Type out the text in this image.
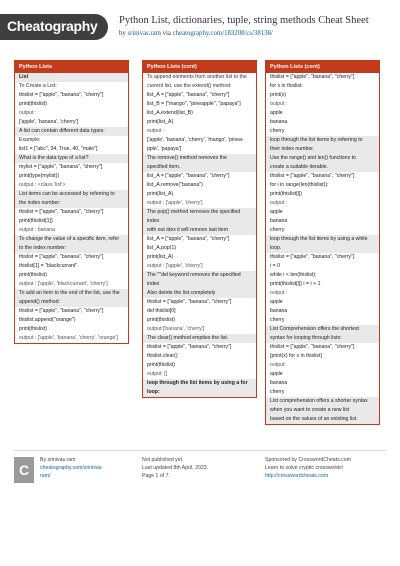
Cheatography Python List, dictionaries, tuple, string methods Cheat Sheet
by srinivas.ram via cheatography.com/183208/cs/38138/
Python Lists
List
To Create a List:
thislist = ["apple", "banana", "cherry"]
print(thislist)
output :
['apple', 'banana', 'cherry']
A list can contain different data types:
Example:
list1 = ["abc", 34, True, 40, "male"]
What is the data type of a list?
mylist = ["apple", "banana", "cherry"]
print(type(mylist))
output : <class 'list'>
List items can be accessed by referring to
the index number:
thislist = ["apple", "banana", "cherry"]
print(thislist[1])
output : banana
To change the value of a specific item, refer
to the index number:
thislist = ["apple", "banana", "cherry"]
thislist[1] = "blackcurrant"
print(thislist)
output : ['apple', 'blackcurrant', 'cherry']
To add an item to the end of the list, use the
append() method:
thislist = ["apple", "banana", "cherry"]
thislist.append("orange")
print(thislist)
output : ['apple', 'banana', 'cherry', 'orange']
Python Lists (cont)
To append elements from another list to the
current list, use the extend() method:
list_A = ["apple", "banana", "cherry"]
list_B = ["mango", "pineapple", "papaya"]
list_A.extend(list_B)
print(list_A)
output :
['apple', 'banana', 'cherry', 'mango', 'pinea-
pple', 'papaya']
The remove() method removes the
specified item.
list_A = ["apple", "banana", "cherry"]
list_A.remove("banana")
print(list_A)
output : ['apple', 'cherry']
The pop() method removes the specified
index
with out idex it will remove last item
list_A = ["apple", "banana", "cherry"]
list_A.pop(1)
print(list_A)
output : ['apple', 'cherry']
The ""del keyword removes the specified
index
Also delete the list completely
thislist = ["apple", "banana", "cherry"]
del thislist[0]
print(thislist)
output:['banana', 'cherry']
The clear() method empties the list.
thislist = ["apple", "banana", "cherry"]
thislist.clear()
print(thislist)
output: []
loop through the list items by using a for
loop:
Python Lists (cont)
thislist = ["apple", "banana", "cherry"]
for x in thislist:
print(x)
output :
apple
banana
cherry
loop through the list items by referring to
their index number.
Use the range() and len() functions to
create a suitable iterable.
thislist = ["apple", "banana", "cherry"]
for i in range(len(thislist)):
print(thislist[i])
output :
apple
banana
cherry
loop through the list items by using a while
loop.
thislist = ["apple", "banana", "cherry"]
i = 0
while i < len(thislist):
print(thislist[i]) i = i + 1
output :
apple
banana
cherry
List Comprehension offers the shortest
syntax for looping through lists:
thislist = ["apple", "banana", "cherry"]
[print(x) for x in thislist]
output:
apple
banana
cherry
List comprehension offers a shorter syntax
when you want to create a new list
based on the values of an existing list.
C
By srinivas.ram
cheatography.com/srinivas-
ram/
Not published yet.
Last updated 8th April, 2023.
Page 1 of 7.
Sponsored by CrosswordCheats.com
Learn to solve cryptic crosswords!
http://crosswordcheats.com
